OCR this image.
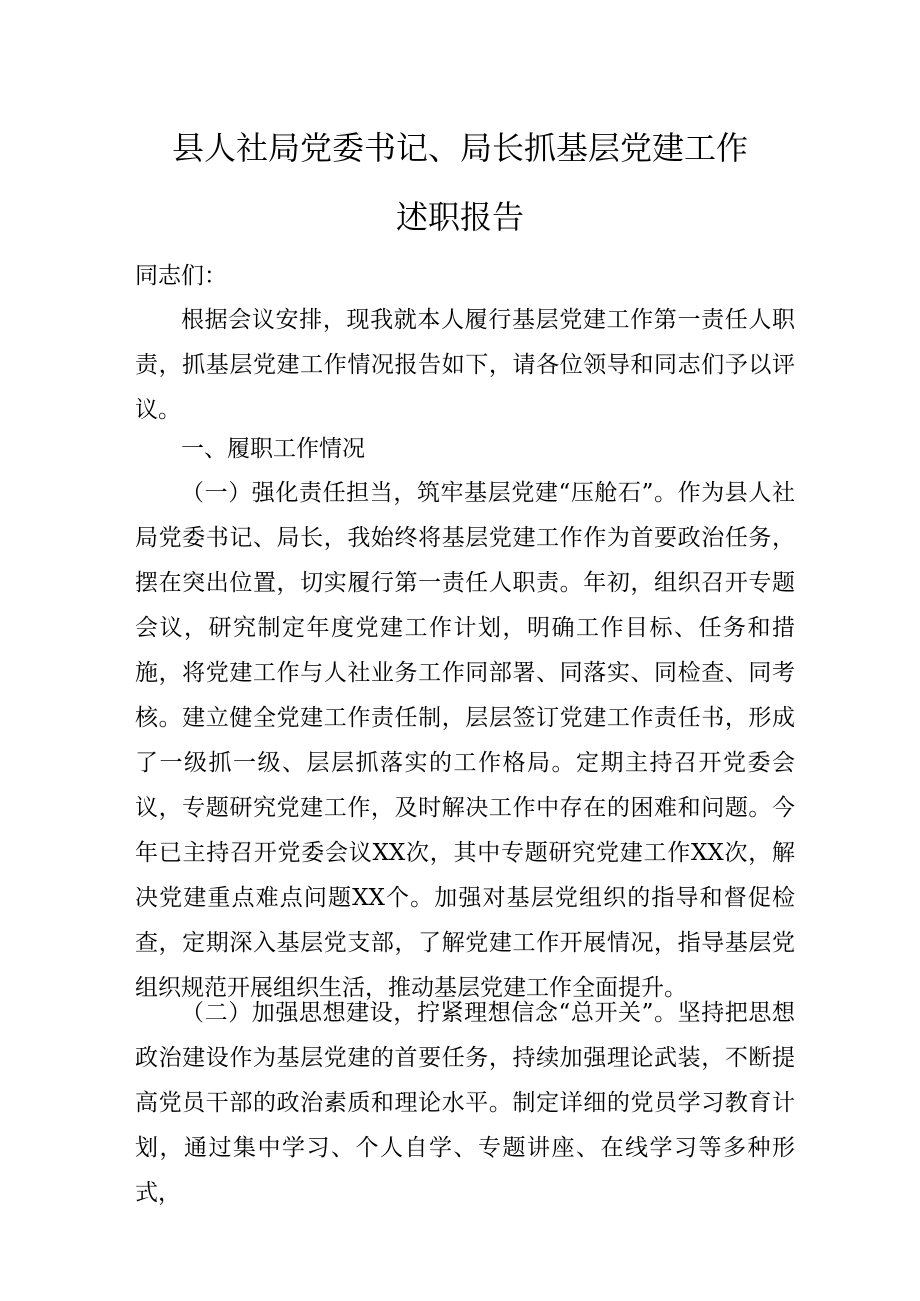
县人社局党委书记、局长抓基层党建工作
述职报告

同志们：

根据会议安排，现我就本人履行基层党建工作第一责任人职责，抓基层党建工作情况报告如下，请各位领导和同志们予以评议。

一、履职工作情况

（一）强化责任担当，筑牢基层党建“压舱石”。作为县人社局党委书记、局长，我始终将基层党建工作作为首要政治任务，摆在突出位置，切实履行第一责任人职责。年初，组织召开专题会议，研究制定年度党建工作计划，明确工作目标、任务和措施，将党建工作与人社业务工作同部署、同落实、同检查、同考核。建立健全党建工作责任制，层层签订党建工作责任书，形成了一级抓一级、层层抓落实的工作格局。定期主持召开党委会议，专题研究党建工作，及时解决工作中存在的困难和问题。今年已主持召开党委会议XX次，其中专题研究党建工作XX次，解决党建重点难点问题XX个。加强对基层党组织的指导和督促检查，定期深入基层党支部，了解党建工作开展情况，指导基层党组织规范开展组织生活，推动基层党建工作全面提升。

（二）加强思想建设，拧紧理想信念“总开关”。坚持把思想政治建设作为基层党建的首要任务，持续加强理论武装，不断提高党员干部的政治素质和理论水平。制定详细的党员学习教育计划，通过集中学习、个人自学、专题讲座、在线学习等多种形式，
